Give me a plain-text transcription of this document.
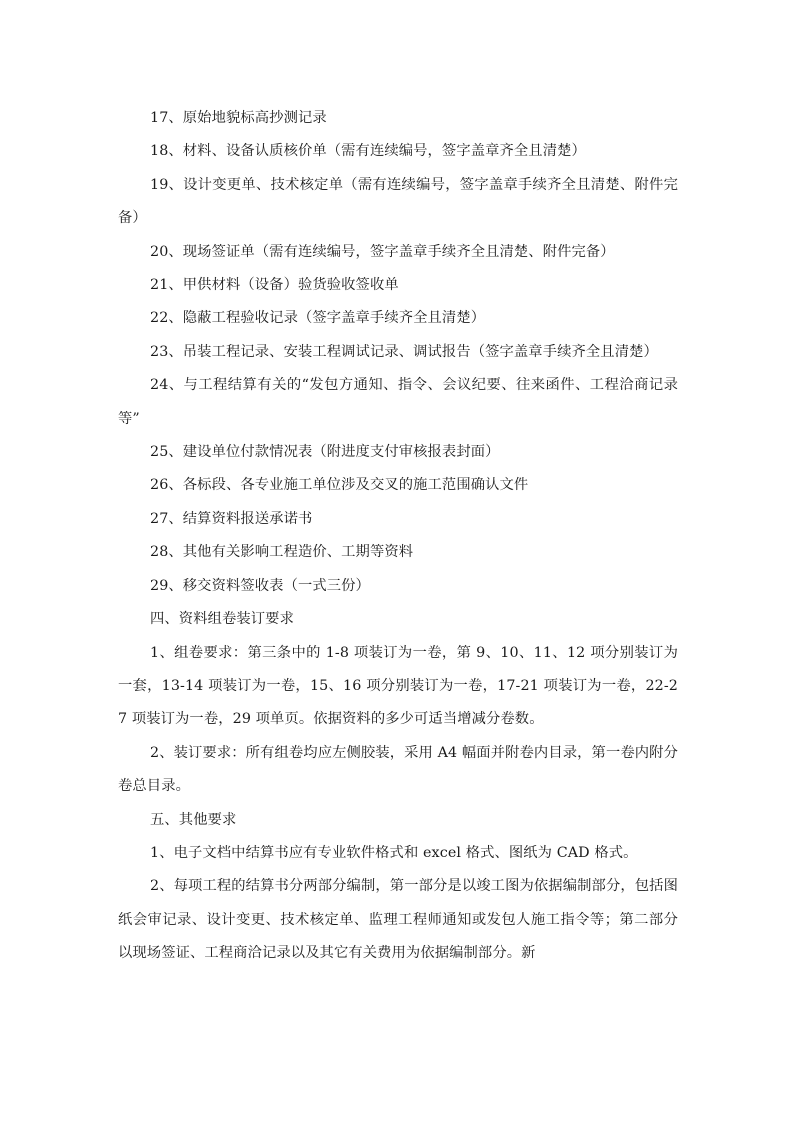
17、原始地貌标高抄测记录

18、材料、设备认质核价单（需有连续编号，签字盖章齐全且清楚）

19、设计变更单、技术核定单（需有连续编号，签字盖章手续齐全且清楚、附件完备）

20、现场签证单（需有连续编号，签字盖章手续齐全且清楚、附件完备）

21、甲供材料（设备）验货验收签收单

22、隐蔽工程验收记录（签字盖章手续齐全且清楚）

23、吊装工程记录、安装工程调试记录、调试报告（签字盖章手续齐全且清楚）

24、与工程结算有关的“发包方通知、指令、会议纪要、往来函件、工程洽商记录等”

25、建设单位付款情况表（附进度支付审核报表封面）

26、各标段、各专业施工单位涉及交叉的施工范围确认文件

27、结算资料报送承诺书

28、其他有关影响工程造价、工期等资料

29、移交资料签收表（一式三份）

四、资料组卷装订要求

1、组卷要求：第三条中的 1-8 项装订为一卷，第 9、10、11、12 项分别装订为一套，13-14 项装订为一卷，15、16 项分别装订为一卷，17-21 项装订为一卷，22-27 项装订为一卷，29 项单页。依据资料的多少可适当增减分卷数。

2、装订要求：所有组卷均应左侧胶装，采用 A4 幅面并附卷内目录，第一卷内附分卷总目录。

五、其他要求

1、电子文档中结算书应有专业软件格式和 excel 格式、图纸为 CAD 格式。

2、每项工程的结算书分两部分编制，第一部分是以竣工图为依据编制部分，包括图纸会审记录、设计变更、技术核定单、监理工程师通知或发包人施工指令等；第二部分以现场签证、工程商洽记录以及其它有关费用为依据编制部分。新
